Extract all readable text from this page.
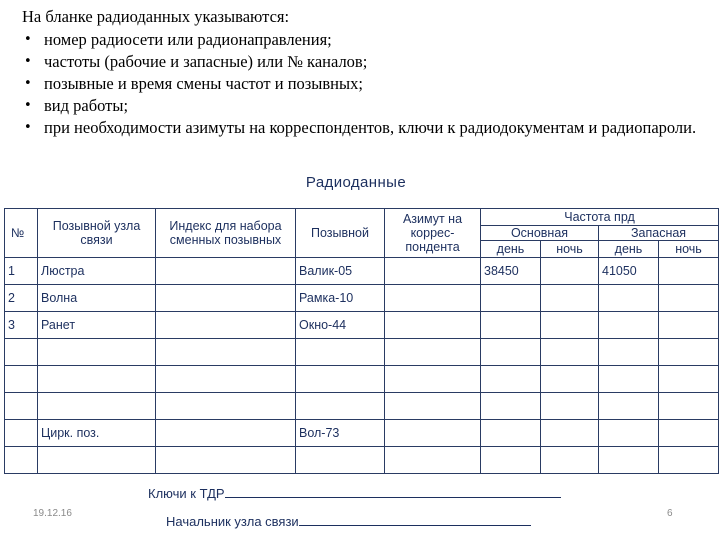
На бланке радиоданных указываются:

• номер радиосети или радионаправления;
• частоты (рабочие и запасные) или № каналов;
• позывные и время смены частот и позывных;
• вид работы;
• при необходимости азимуты на корреспондентов, ключи к радиодокументам и радиопароли.
Радиоданные
№	Позывной узла связи	Индекс для набора сменных позывных	Позывной	Азимут на коррес-пондента	Частота прд			
					Основная		Запасная	
					день	ночь	день	ночь
1	Люстра		Валик-05		38450		41050	
2	Волна		Рамка-10					
3	Ранет		Окно-44					

	Цирк. поз.		Вол-73					

Ключи к ТДР
Начальник узла связи
19.12.16	6
